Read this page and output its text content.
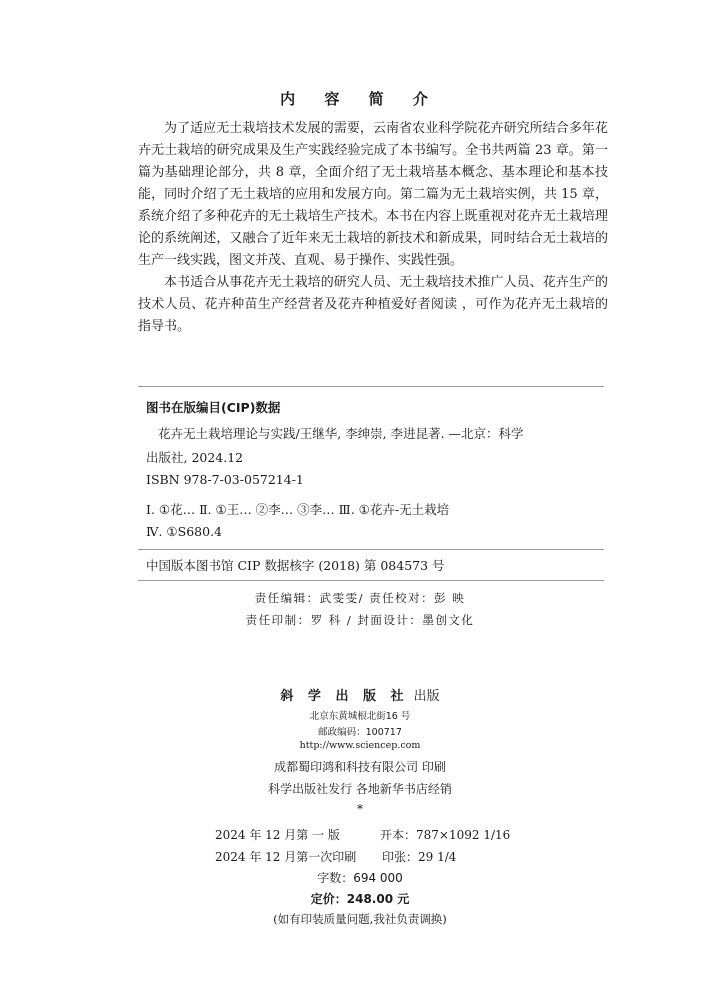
内 容 简 介

为了适应无土栽培技术发展的需要，云南省农业科学院花卉研究所结合多年花卉无土栽培的研究成果及生产实践经验完成了本书编写。全书共两篇 23 章。第一篇为基础理论部分，共 8 章，全面介绍了无土栽培基本概念、基本理论和基本技能，同时介绍了无土栽培的应用和发展方向。第二篇为无土栽培实例，共 15 章，系统介绍了多种花卉的无土栽培生产技术。本书在内容上既重视对花卉无土栽培理论的系统阐述，又融合了近年来无土栽培的新技术和新成果，同时结合无土栽培的生产一线实践，图文并茂、直观、易于操作、实践性强。

本书适合从事花卉无土栽培的研究人员、无土栽培技术推广人员、花卉生产的技术人员、花卉种苗生产经营者及花卉种植爱好者阅读 ，可作为花卉无土栽培的指导书。

图书在版编目(CIP)数据
花卉无土栽培理论与实践/王继华, 李绅崇, 李进昆著. —北京：科学
出版社, 2024.12
ISBN 978-7-03-057214-1
Ⅰ. ①花… Ⅱ. ①王… ②李… ③李… Ⅲ. ①花卉-无土栽培
Ⅳ. ①S680.4
中国版本图书馆 CIP 数据核字 (2018) 第 084573 号
责任编辑：武雯雯/ 责任校对：彭 映
责任印制：罗 科 / 封面设计：墨创文化
斜 学 出 版 社 出版
北京东黄城根北街16 号
邮政编码：100717
http://www.sciencep.com
成都蜀印鸿和科技有限公司 印刷
科学出版社发行 各地新华书店经销
*
2024 年 12 月第 一 版	开本：787×1092 1/16
2024 年 12 月第一次印刷 印张：29 1/4
字数：694 000
定价：248.00 元
(如有印装质量问题,我社负责调换)
